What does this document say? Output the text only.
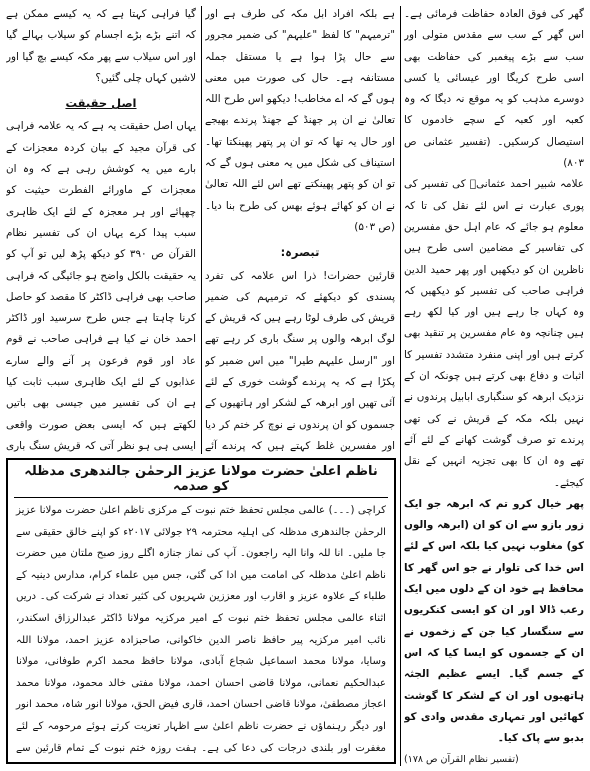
گھر کی فوق العادہ حفاظت فرمائی ہے۔ اس گھر کے سب سے مقدس متولی اور سب سے بڑے پیغمبر کی حفاظت بھی اسی طرح کریگا اور عیسائی یا کسی دوسرے مذہب کو یہ موقع نہ دیگا کہ وہ کعبہ اور کعبہ کے سچے خادموں کا استیصال کرسکیں۔ (تفسیر عثمانی ص ۸۰۳)

علامہ شبیر احمد عثمانیؒ کی تفسیر کی پوری عبارت نے اس لئے نقل کی تا کہ معلوم ہو جائے کہ عام اہل حق مفسرین کی تفاسیر کے مضامین اسی طرح ہیں ناظرین ان کو دیکھیں اور پھر حمید الدین فراہی صاحب کی تفسیر کو دیکھیں کہ وہ کہاں جا رہے ہیں اور کیا لکھ رہے ہیں چنانچہ وہ عام مفسرین پر تنقید بھی کرتے ہیں اور اپنی منفرد متشدد تفسیر کا اثبات و دفاع بھی کرتے ہیں چونکہ ان کے نزدیک ابرھہ کو سنگباری ابابیل پرندوں نے نہیں بلکہ مکہ کے قریش نے کی تھی پرندے تو صرف گوشت کھانے کے لئے آئے تھے وہ ان کا بھی تجزیہ انہیں کے نقل کیجئے۔

پھر خیال کرو تم کہ ابرھہ جو ایک زور بازو سے ان کو ان (ابرھہ والوں کو) مغلوب نہیں کیا بلکہ اس کے لئے اس خدا کی تلوار نے جو اس گھر کا محافظ ہے خود ان کے دلوں میں ایک رعب ڈالا اور ان کو ایسی کنکریوں سے سنگسار کیا جن کے زخموں نے ان کے جسموں کو ایسا کیا کہ اس کے جسم گیا۔ ایسے عظیم الجثہ ہاتھیوں اور ان کے لشکر کا گوشت کھائیں اور تمہاری مقدس وادی کو بدبو سے پاک کیا۔

(تفسیر نظام القرآن ص ۱۷۸)

ہے بلکہ افراد ابل مکہ کی طرف ہے اور "ترمیہم" کا لفظ "علیہم" کی ضمیر مجرور سے حال پڑا ہوا ہے یا مستقل جملہ مستانفہ ہے۔ حال کی صورت میں معنی ہوں گے کہ اے مخاطب! دیکھو اس طرح اللہ تعالیٰ نے ان پر جھنڈ کے جھنڈ پرندے بھیجے اور حال یہ تھا کہ تو ان پر پتھر پھینکتا تھا۔ استیناف کی شکل میں یہ معنی ہوں گے کہ تو ان کو پتھر پھینکتے تھے اس لئے اللہ تعالیٰ نے ان کو کھائے ہوئے بھس کی طرح بنا دیا۔ (ص ۵۰۳)

تبصرہ:

قارئین حضرات! ذرا اس علامہ کی تفرد پسندی کو دیکھئے کہ ترمیہم کی ضمیر قریش کی طرف لوٹا رہے ہیں کہ قریش کے لوگ ابرھہ والوں پر سنگ باری کر رہے تھے اور "ارسل علیہم طیرا" میں اس ضمیر کو پکڑا ہے کہ یہ پرندے گوشت خوری کے لئے آئی تھیں اور ابرھہ کے لشکر اور ہاتھیوں کے جسموں کو ان پرندوں نے نوچ کر ختم کر دیا اور مفسرین غلط کہتے ہیں کہ پرندے آئے

گیا فراہی کہتا ہے کہ یہ کیسے ممکن ہے کہ اتنے بڑے بڑے اجسام کو سیلاب بہالے گیا اور اس سیلاب سے پھر مکہ کیسے بچ گیا اور لاشیں کہاں چلی گئیں؟

اصل حقیقت

یہاں اصل حقیقت یہ ہے کہ یہ علامہ فراہی کی قرآن مجید کے بیان کردہ معجزات کے بارے میں یہ کوشش رہی ہے کہ وہ ان معجزات کے ماورائے الفطرت حیثیت کو چھپائے اور ہر معجزہ کے لئے ایک ظاہری سبب پیدا کرے یہاں ان کی تفسیر نظام القرآن ص ۳۹۰ کو دیکھ پڑھ لیں تو آپ کو یہ حقیقت بالکل واضح ہو جائیگی کہ فراہی صاحب بھی فراہی ڈاکٹر کا مقصد کو حاصل کرنا چاہتا ہے جس طرح سرسید اور ڈاکٹر احمد خان نے کیا ہے فراہی صاحب نے قوم عاد اور قوم فرعون پر آنے والے سارے عذابوں کے لئے ایک ظاہری سبب ثابت کیا ہے ان کی تفسیر میں جیسی بھی باتیں لکھتے ہیں کہ ایسی بعض صورت واقعی ایسی ہی ہو نظر آتی کہ قریش سنگ باری

ناظم اعلیٰ حضرت مولانا عزیز الرحمٰن جالندھری مدظلہ کو صدمہ
کراچی (۔۔۔) عالمی مجلس تحفظ ختم نبوت کے مرکزی ناظم اعلیٰ حضرت مولانا عزیز الرحمٰن جالندھری مدظلہ کی اہلیہ محترمہ ۲۹ جولائی ۲۰۱۷ء کو اپنے خالق حقیقی سے جا ملیں۔ انا للہ وانا الیہ راجعون۔ آپ کی نماز جنازہ اگلے روز صبح ملتان میں حضرت ناظم اعلیٰ مدظلہ کی امامت میں ادا کی گئی، جس میں علماء کرام، مدارس دینیہ کے طلباء کے علاوہ عزیز و اقارب اور معززین شہریوں کی کثیر تعداد نے شرکت کی۔ دریں اثناء عالمی مجلس تحفظ ختم نبوت کے امیر مرکزیہ مولانا ڈاکٹر عبدالرزاق اسکندر، نائب امیر مرکزیہ پیر حافظ ناصر الدین خاکوانی، صاحبزادہ عزیز احمد، مولانا اللہ وسایا، مولانا محمد اسماعیل شجاع آبادی، مولانا حافظ محمد اکرم طوفانی، مولانا عبدالحکیم نعمانی، مولانا قاضی احسان احمد، مولانا مفتی خالد محمود، مولانا محمد اعجاز مصطفیٰ، مولانا قاضی احسان احمد، قاری فیض الحق، مولانا انور شاہ، محمد انور اور دیگر رہنماؤں نے حضرت ناظم اعلیٰ سے اظہار تعزیت کرتے ہوئے مرحومہ کے لئے مغفرت اور بلندی درجات کی دعا کی ہے۔ ہفت روزہ ختم نبوت کے تمام قارئین سے
